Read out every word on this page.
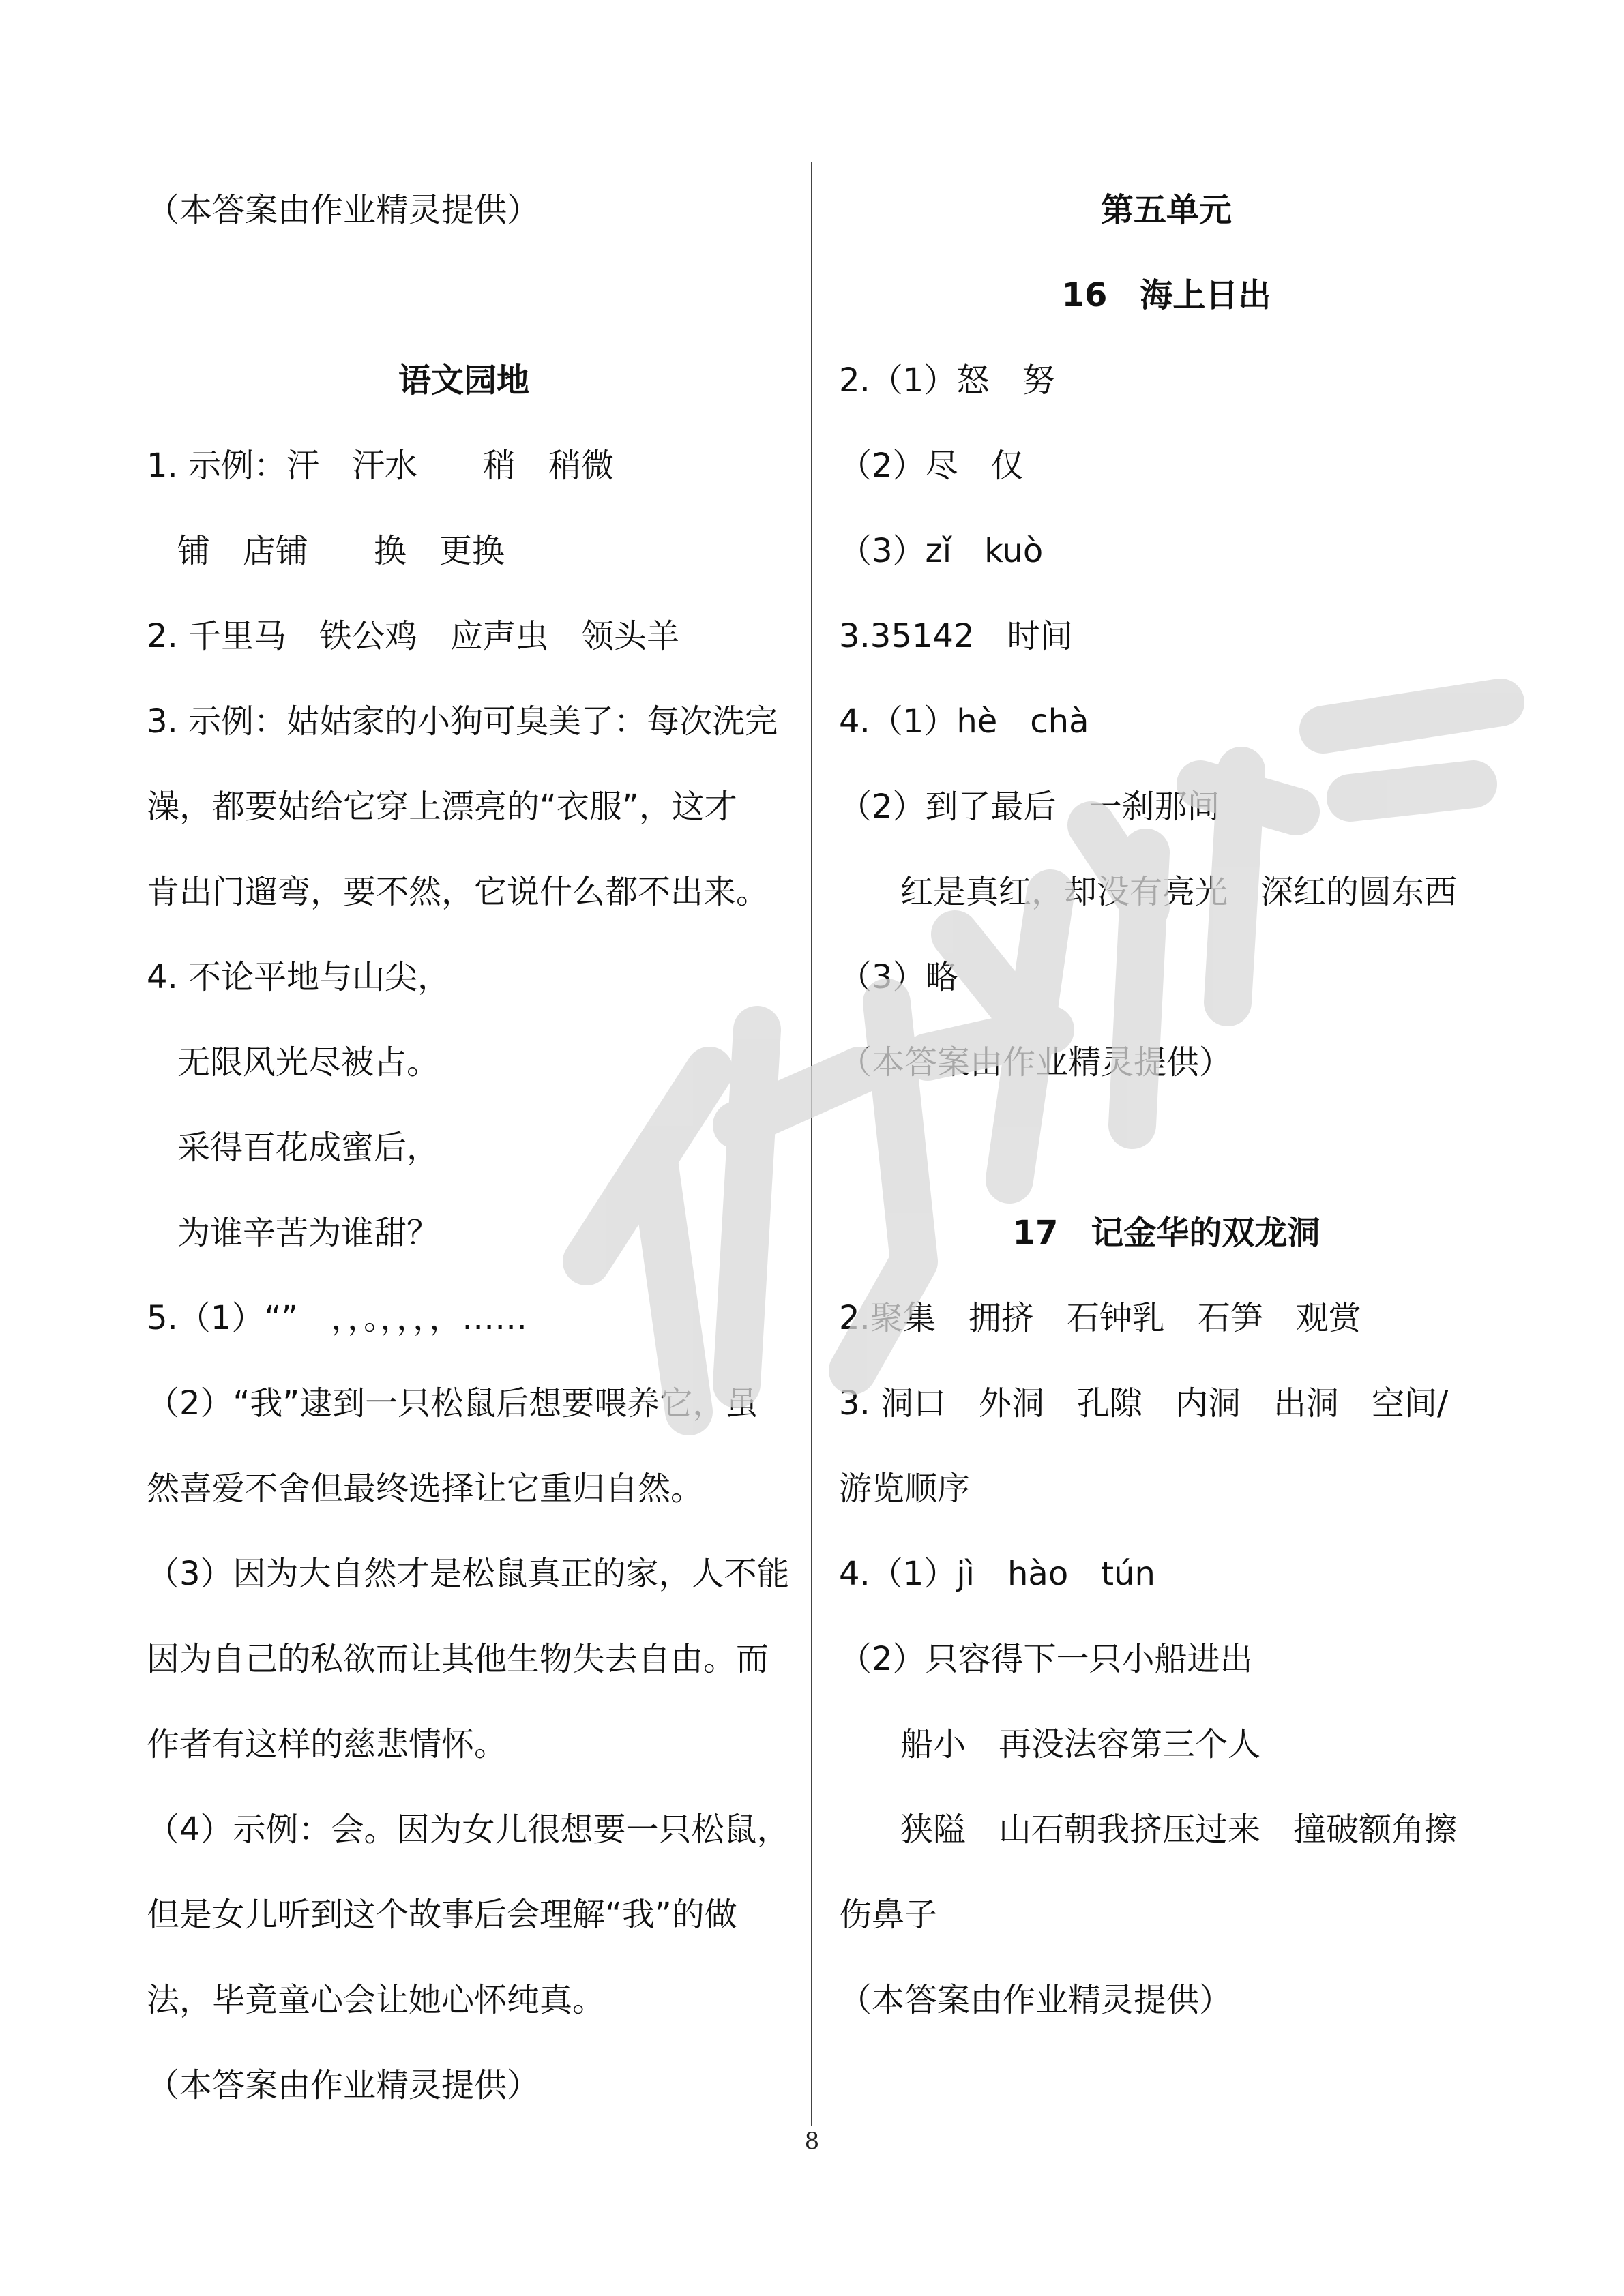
（本答案由作业精灵提供）
语文园地
1. 示例：汗　汗水　　稍　稍微
铺　店铺　　换　更换
2. 千里马　铁公鸡　应声虫　领头羊
3. 示例：姑姑家的小狗可臭美了：每次洗完
澡，都要姑给它穿上漂亮的“衣服”，这才
肯出门遛弯，要不然，它说什么都不出来。
4. 不论平地与山尖，
无限风光尽被占。
采得百花成蜜后，
为谁辛苦为谁甜？
5.（1）“”　，，。，，，，……
（2）“我”逮到一只松鼠后想要喂养它，虽
然喜爱不舍但最终选择让它重归自然。
（3）因为大自然才是松鼠真正的家，人不能
因为自己的私欲而让其他生物失去自由。而
作者有这样的慈悲情怀。
（4）示例：会。因为女儿很想要一只松鼠，
但是女儿听到这个故事后会理解“我”的做
法，毕竟童心会让她心怀纯真。
（本答案由作业精灵提供）
第五单元
16　海上日出
2.（1）怒　努
（2）尽　仅
（3）zǐ　kuò
3.35142　时间
4.（1）hè　chà
（2）到了最后　一刹那间
红是真红，却没有亮光　深红的圆东西
（3）略
（本答案由作业精灵提供）
17　记金华的双龙洞
2.聚集　拥挤　石钟乳　石笋　观赏
3. 洞口　外洞　孔隙　内洞　出洞　空间/
游览顺序
4.（1）jì　hào　tún
（2）只容得下一只小船进出
船小　再没法容第三个人
狭隘　山石朝我挤压过来　撞破额角擦
伤鼻子
（本答案由作业精灵提供）
8
